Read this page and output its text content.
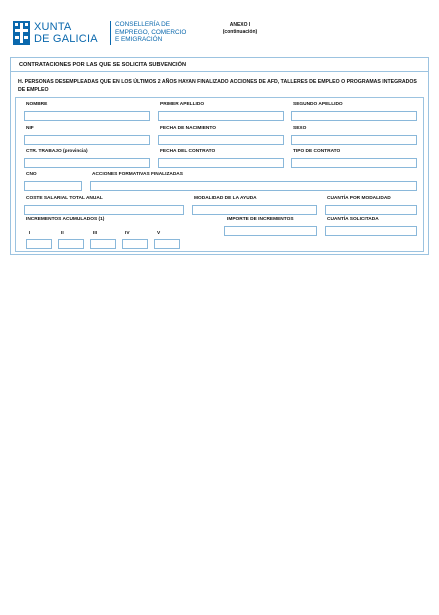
XUNTA
DE GALICIA
CONSELLERÍA DE
EMPREGO, COMERCIO
E EMIGRACIÓN
ANEXO I
(continuación)
CONTRATACIONES POR LAS QUE SE SOLICITA SUBVENCIÓN
H. PERSONAS DESEMPLEADAS QUE EN LOS ÚLTIMOS 2 AÑOS HAYAN FINALIZADO ACCIONES DE AFD, TALLERES DE EMPLEO O PROGRAMAS INTEGRADOS DE EMPLEO
NOMBRE	PRIMER APELLIDO	SEGUNDO APELLIDO
NIF	FECHA DE NACIMIENTO	SEXO
CTR. TRABAJO (provincia)	FECHA DEL CONTRATO	TIPO DE CONTRATO
CNO	ACCIONES FORMATIVAS FINALIZADAS
COSTE SALARIAL TOTAL ANUAL	MODALIDAD DE LA AYUDA	CUANTÍA POR MODALIDAD
INCREMENTOS ACUMULADOS (1)	IMPORTE DE INCREMENTOS	CUANTÍA SOLICITADA
I	II	III	IV	V
